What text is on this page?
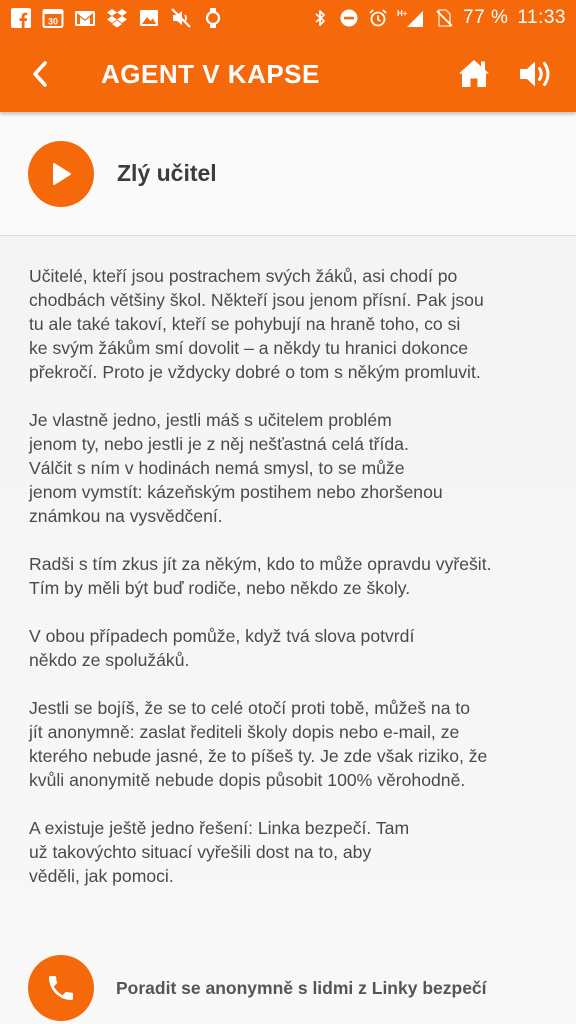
30
H+	77 % 11:33
AGENT V KAPSE
Zlý učitel

Učitelé, kteří jsou postrachem svých žáků, asi chodí po
chodbách většiny škol. Někteří jsou jenom přísní. Pak jsou
tu ale také takoví, kteří se pohybují na hraně toho, co si
ke svým žákům smí dovolit – a někdy tu hranici dokonce
překročí. Proto je vždycky dobré o tom s někým promluvit.

Je vlastně jedno, jestli máš s učitelem problém
jenom ty, nebo jestli je z něj nešťastná celá třída.
Válčit s ním v hodinách nemá smysl, to se může
jenom vymstít: kázeňským postihem nebo zhoršenou
známkou na vysvědčení.

Radši s tím zkus jít za někým, kdo to může opravdu vyřešit.
Tím by měli být buď rodiče, nebo někdo ze školy.

V obou případech pomůže, když tvá slova potvrdí
někdo ze spolužáků.

Jestli se bojíš, že se to celé otočí proti tobě, můžeš na to
jít anonymně: zaslat řediteli školy dopis nebo e-mail, ze
kterého nebude jasné, že to píšeš ty. Je zde však riziko, že
kvůli anonymitě nebude dopis působit 100% věrohodně.

A existuje ještě jedno řešení: Linka bezpečí. Tam
už takovýchto situací vyřešili dost na to, aby
věděli, jak pomoci.

Poradit se anonymně s lidmi z Linky bezpečí
